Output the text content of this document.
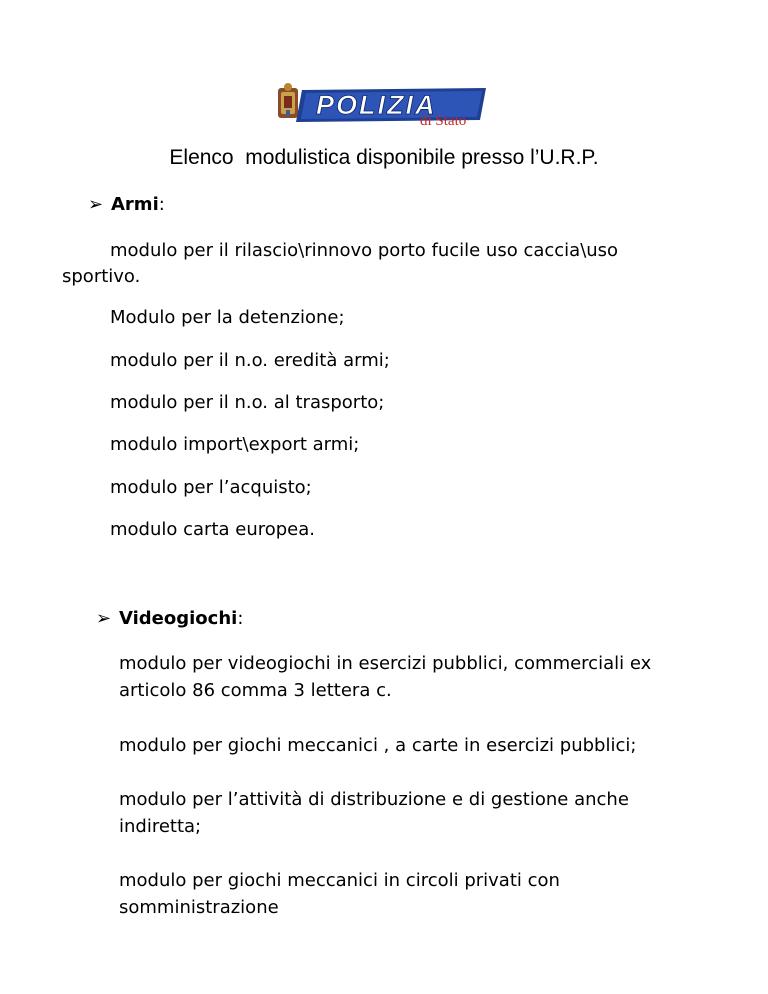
POLIZIA
di Stato
Elenco  modulistica disponibile presso l’U.R.P.
➢ Armi:
modulo per il rilascio\rinnovo porto fucile uso caccia\uso
sportivo.
Modulo per la detenzione;
modulo per il n.o. eredità armi;
modulo per il n.o. al trasporto;
modulo import\export armi;
modulo per l’acquisto;
modulo carta europea.
➢ Videogiochi:
modulo per videogiochi in esercizi pubblici, commerciali ex
articolo 86 comma 3 lettera c.
modulo per giochi meccanici , a carte in esercizi pubblici;
modulo per l’attività di distribuzione e di gestione anche
indiretta;
modulo per giochi meccanici in circoli privati con
somministrazione
